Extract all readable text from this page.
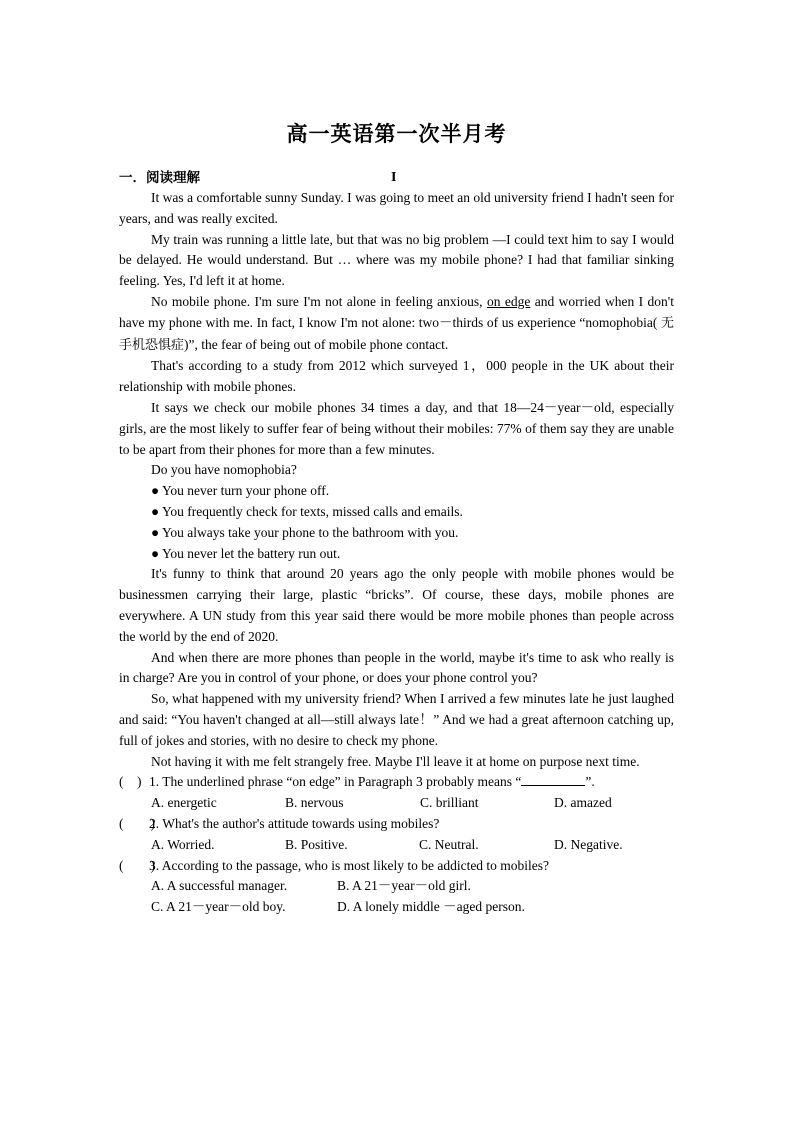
高一英语第一次半月考
一．阅读理解	I

It was a comfortable sunny Sunday. I was going to meet an old university friend I hadn't seen for years, and was really excited.

My train was running a little late, but that was no big problem —I could text him to say I would be delayed. He would understand. But … where was my mobile phone? I had that familiar sinking feeling. Yes, I'd left it at home.

No mobile phone. I'm sure I'm not alone in feeling anxious, on edge and worried when I don't have my phone with me. In fact, I know I'm not alone: two－thirds of us experience “nomophobia( 无手机恐惧症)”, the fear of being out of mobile phone contact.

That's according to a study from 2012 which surveyed 1，000 people in the UK about their relationship with mobile phones.

It says we check our mobile phones 34 times a day, and that 18—24－year－old, especially girls, are the most likely to suffer fear of being without their mobiles: 77% of them say they are unable to be apart from their phones for more than a few minutes.

Do you have nomophobia?

● You never turn your phone off.

● You frequently check for texts, missed calls and emails.

● You always take your phone to the bathroom with you.

● You never let the battery run out.

It's funny to think that around 20 years ago the only people with mobile phones would be businessmen carrying their large, plastic “bricks”. Of course, these days, mobile phones are everywhere. A UN study from this year said there would be more mobile phones than people across the world by the end of 2020.

And when there are more phones than people in the world, maybe it's time to ask who really is in charge? Are you in control of your phone, or does your phone control you?

So, what happened with my university friend? When I arrived a few minutes late he just laughed and said: “You haven't changed at all—still always late！” And we had a great afternoon catching up, full of jokes and stories, with no desire to check my phone.

Not having it with me felt strangely free. Maybe I'll leave it at home on purpose next time.

(　) 1. The underlined phrase “on edge” in Paragraph 3 probably means “	”.

A. energetic	B. nervous	C. brilliant	D. amazed

(　　)2. What's the author's attitude towards using mobiles?

A. Worried.	B. Positive.	C. Neutral.	D. Negative.

(　　)3. According to the passage, who is most likely to be addicted to mobiles?

A. A successful manager.	B. A 21－year－old girl.

C. A 21－year－old boy.	D. A lonely middle －aged person.
